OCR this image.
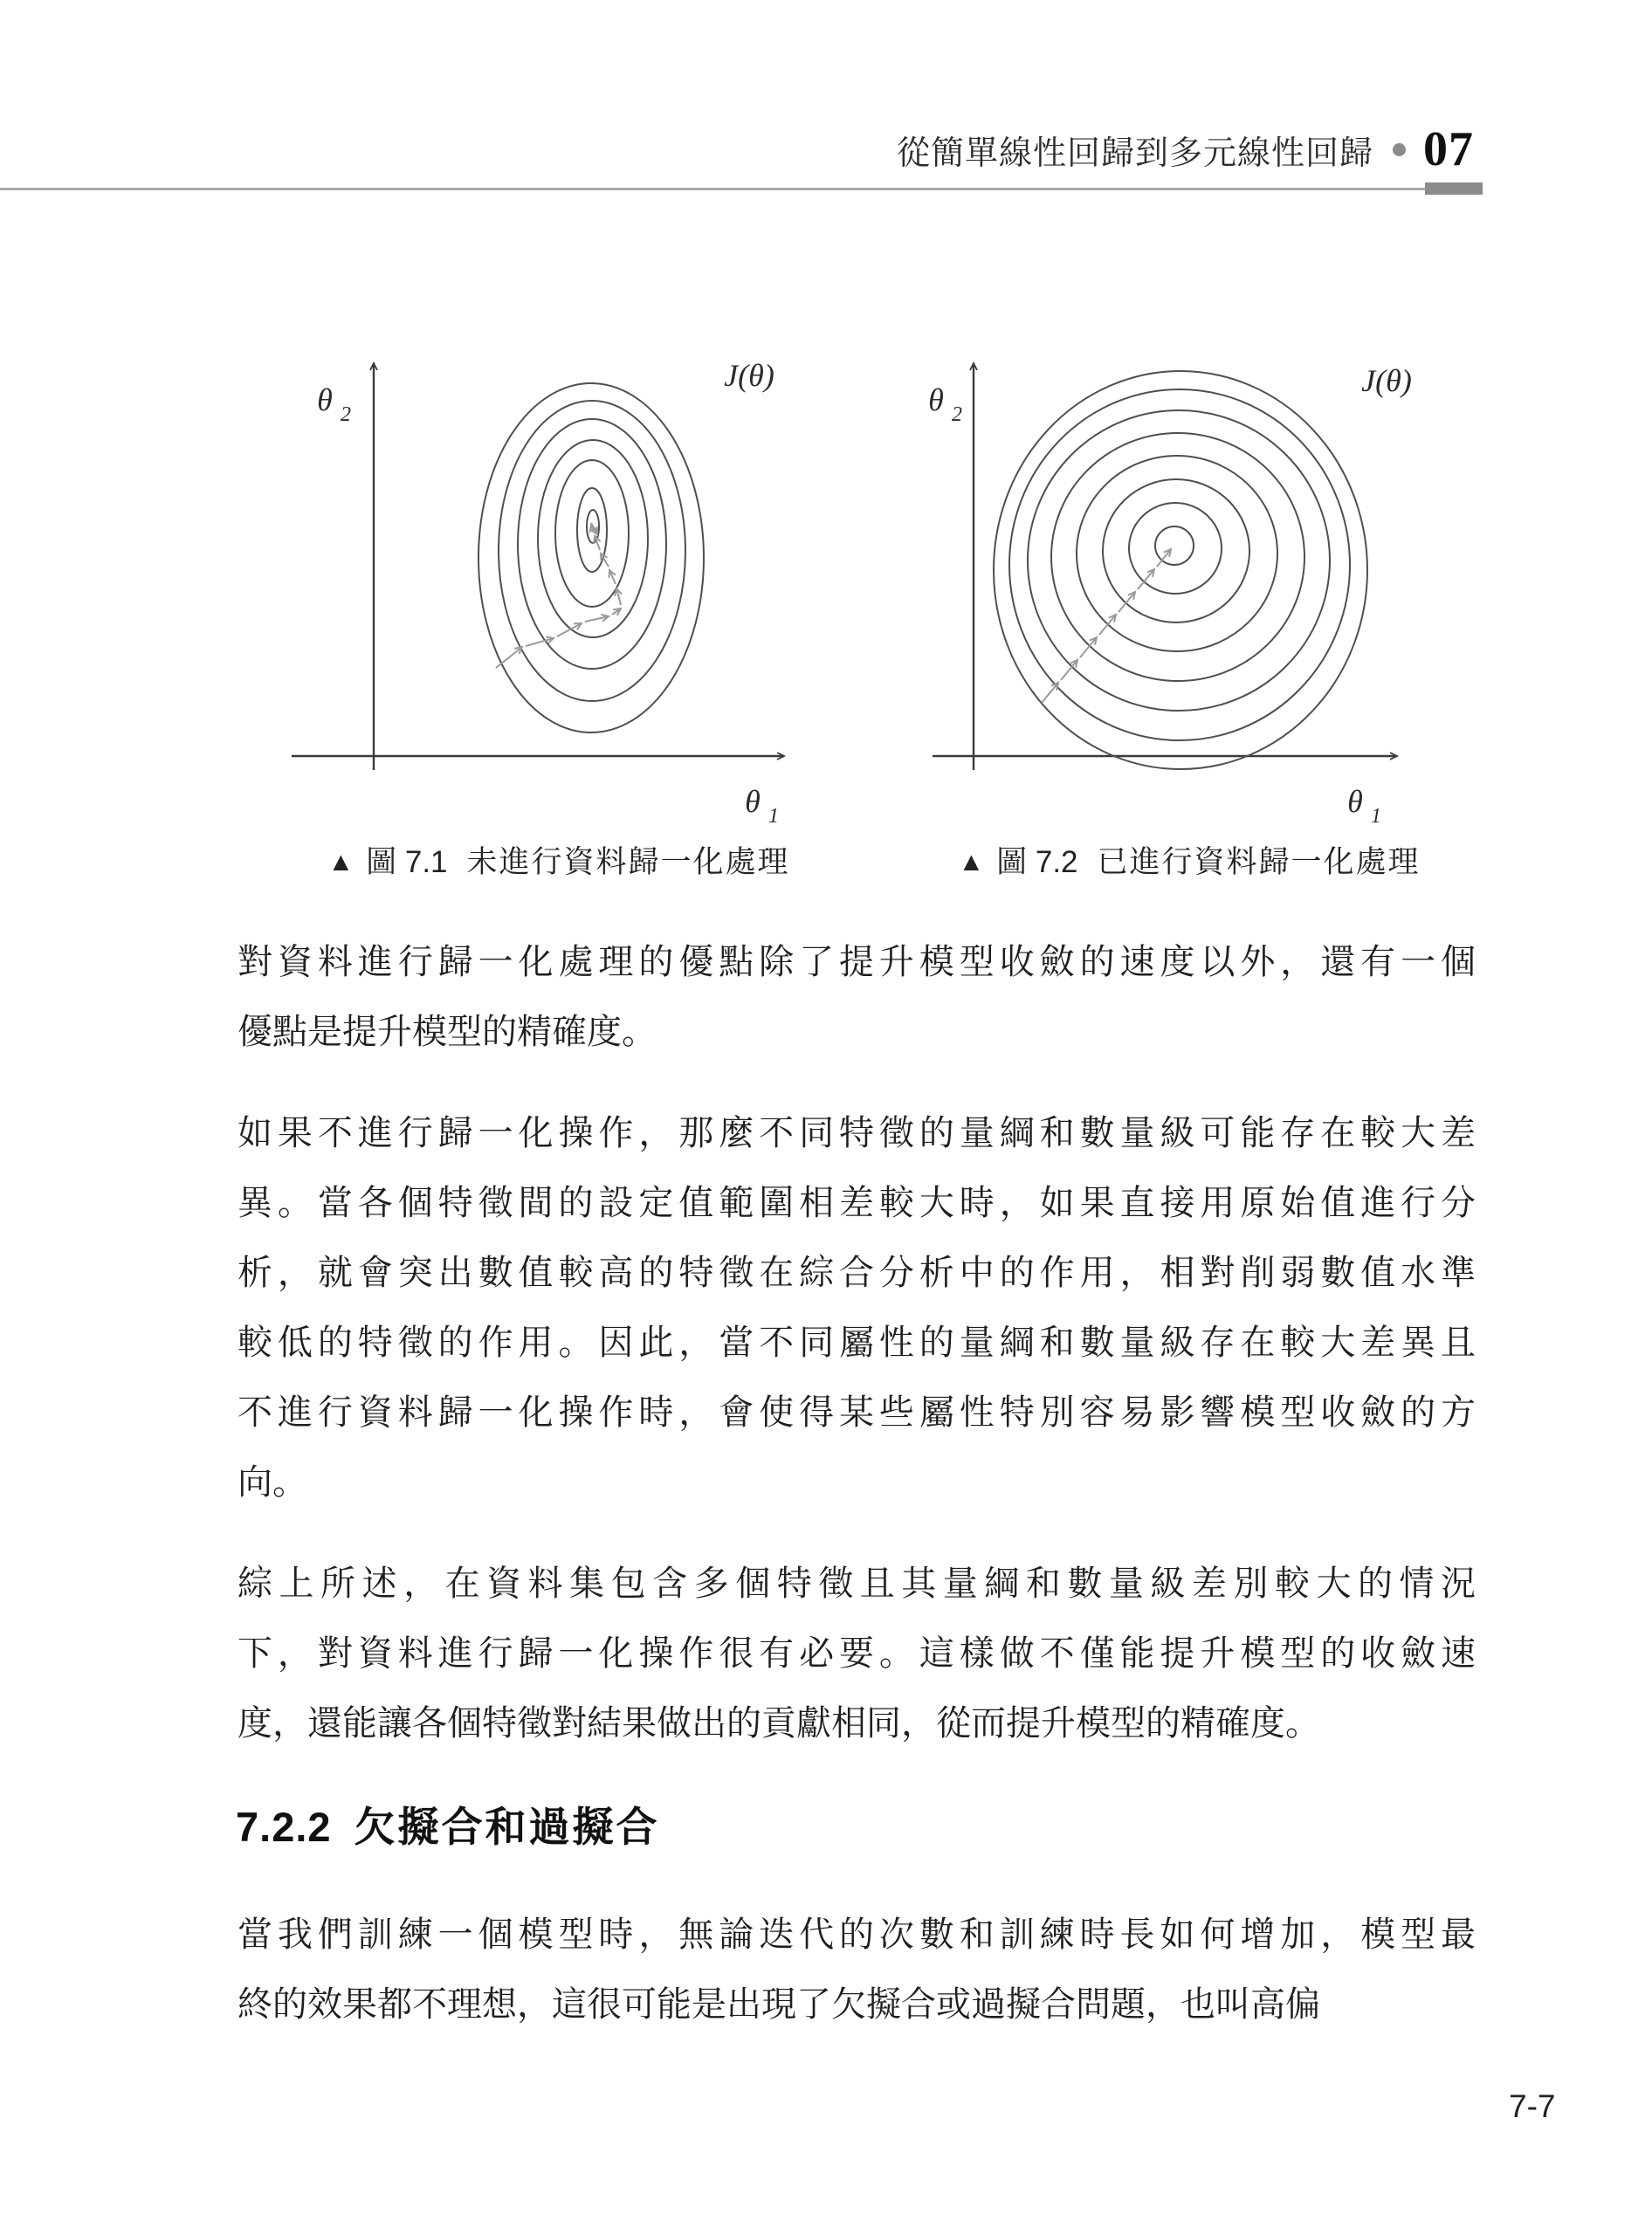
從簡單線性回歸到多元線性回歸 07
θ 2
J(θ)
θ 1
θ 2
J(θ)
θ 1
▲ 圖 7.1 未進行資料歸一化處理	▲ 圖 7.2 已進行資料歸一化處理
對資料進行歸一化處理的優點除了提升模型收斂的速度以外，還有一個
優點是提升模型的精確度。
如果不進行歸一化操作，那麼不同特徵的量綱和數量級可能存在較大差
異。當各個特徵間的設定值範圍相差較大時，如果直接用原始值進行分
析，就會突出數值較高的特徵在綜合分析中的作用，相對削弱數值水準
較低的特徵的作用。因此，當不同屬性的量綱和數量級存在較大差異且
不進行資料歸一化操作時，會使得某些屬性特別容易影響模型收斂的方
向。
綜上所述，在資料集包含多個特徵且其量綱和數量級差別較大的情況
下，對資料進行歸一化操作很有必要。這樣做不僅能提升模型的收斂速
度，還能讓各個特徵對結果做出的貢獻相同，從而提升模型的精確度。
7.2.2 欠擬合和過擬合
當我們訓練一個模型時，無論迭代的次數和訓練時長如何增加，模型最
終的效果都不理想，這很可能是出現了欠擬合或過擬合問題，也叫高偏
7-7
